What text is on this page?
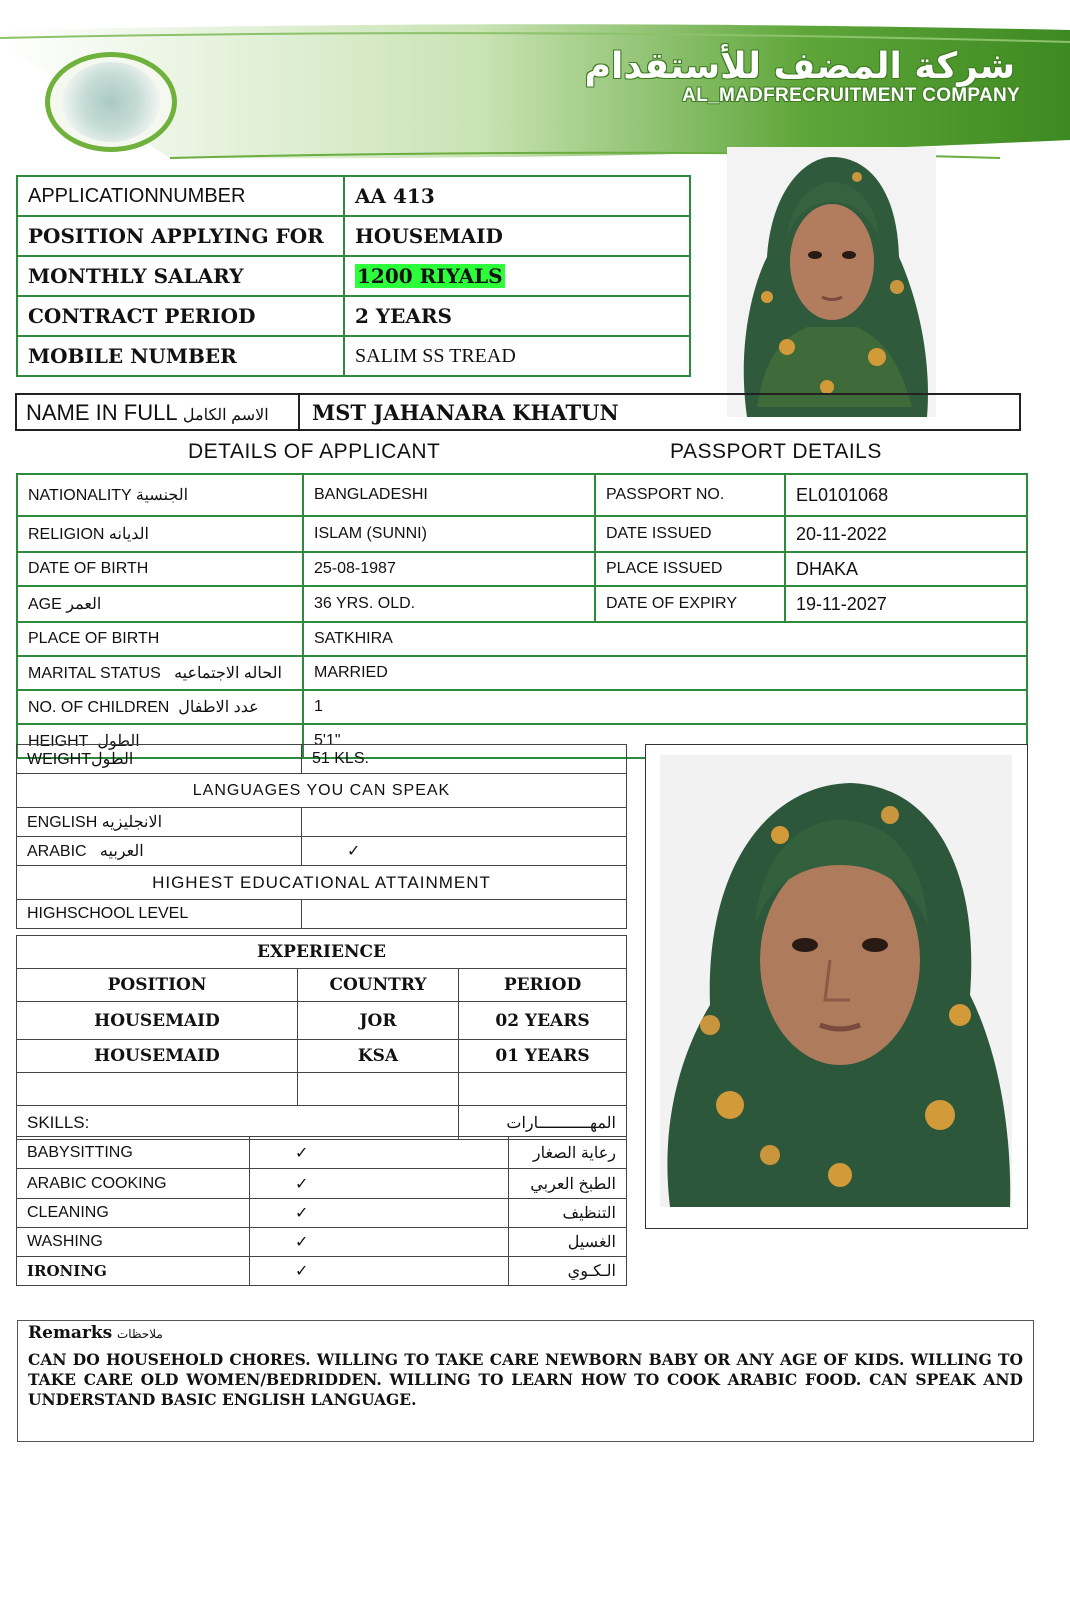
شركة المضف للأستقدام
AL_MADFRECRUITMENT COMPANY
APPLICATIONNUMBER	AA 413
POSITION APPLYING FOR	HOUSEMAID
MONTHLY SALARY	1200 RIYALS
CONTRACT PERIOD	2 YEARS
MOBILE NUMBER	SALIM SS TREAD
NAME IN FULL الاسم الكامل MST JAHANARA KHATUN
DETAILS OF APPLICANT	PASSPORT DETAILS
NATIONALITY الجنسية	BANGLADESHI	PASSPORT NO.	EL0101068
RELIGION الديانه	ISLAM (SUNNI)	DATE ISSUED	20-11-2022
DATE OF BIRTH	25-08-1987	PLACE ISSUED	DHAKA
AGE العمر	36 YRS. OLD.	DATE OF EXPIRY	19-11-2027
PLACE OF BIRTH	SATKHIRA		
MARITAL STATUS الحاله الاجتماعيه	MARRIED		
NO. OF CHILDREN عدد الاطفال	1		
HEIGHT الطول	5'1"		
WEIGHTالطول	51 KLS.
LANGUAGES YOU CAN SPEAK	
ENGLISH الانجليزيه	
ARABIC العربيه	✓
HIGHEST EDUCATIONAL ATTAINMENT	
HIGHSCHOOL LEVEL	
EXPERIENCE		
POSITION	COUNTRY	PERIOD
HOUSEMAID	JOR	02 YEARS
HOUSEMAID	KSA	01 YEARS

SKILLS:		المهـــــــــــارات
BABYSITTING	✓	رعاية الصغار
ARABIC COOKING	✓	الطبخ العربي
CLEANING	✓	التنظيف
WASHING	✓	الغسيل
IRONING	✓	الـكـوي
Remarks ملاحظات
CAN DO HOUSEHOLD CHORES. WILLING TO TAKE CARE NEWBORN BABY OR ANY AGE OF KIDS. WILLING TO TAKE CARE OLD WOMEN/BEDRIDDEN. WILLING TO LEARN HOW TO COOK ARABIC FOOD. CAN SPEAK AND UNDERSTAND BASIC ENGLISH LANGUAGE.
